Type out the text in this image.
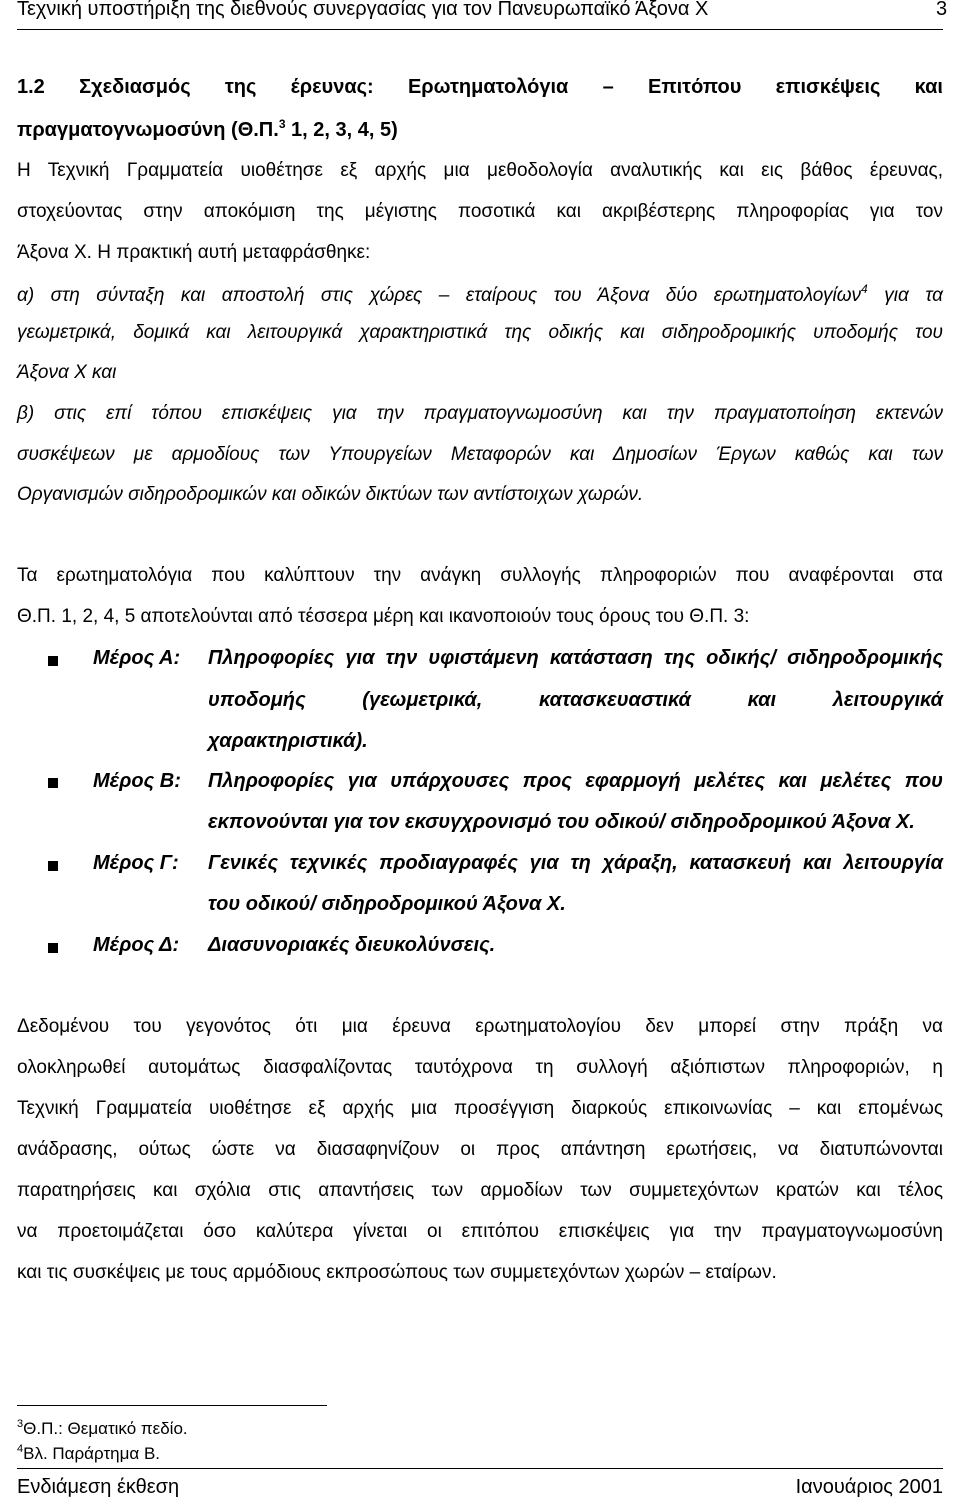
Τεχνική υποστήριξη της διεθνούς συνεργασίας για τον Πανευρωπαϊκό Άξονα Χ	3
1.2 Σχεδιασμός της έρευνας: Ερωτηματολόγια – Επιτόπου επισκέψεις και
πραγματογνωμοσύνη (Θ.Π.$^3$ 1, 2, 3, 4, 5)
Η Τεχνική Γραμματεία υιοθέτησε εξ αρχής μια μεθοδολογία αναλυτικής και εις βάθος έρευνας,
στοχεύοντας στην αποκόμιση της μέγιστης ποσοτικά και ακριβέστερης πληροφορίας για τον
Άξονα Χ. Η πρακτική αυτή μεταφράσθηκε:
α) στη σύνταξη και αποστολή στις χώρες – εταίρους του Άξονα δύο ερωτηματολογίων$^4$ για τα
γεωμετρικά, δομικά και λειτουργικά χαρακτηριστικά της οδικής και σιδηροδρομικής υποδομής του
Άξονα Χ και
β) στις επί τόπου επισκέψεις για την πραγματογνωμοσύνη και την πραγματοποίηση εκτενών
συσκέψεων με αρμοδίους των Υπουργείων Μεταφορών και Δημοσίων Έργων καθώς και των
Οργανισμών σιδηροδρομικών και οδικών δικτύων των αντίστοιχων χωρών.
Τα ερωτηματολόγια που καλύπτουν την ανάγκη συλλογής πληροφοριών που αναφέρονται στα
Θ.Π. 1, 2, 4, 5 αποτελούνται από τέσσερα μέρη και ικανοποιούν τους όρους του Θ.Π. 3:
Μέρος Α: Πληροφορίες για την υφιστάμενη κατάσταση της οδικής/ σιδηροδρομικής
υποδομής (γεωμετρικά, κατασκευαστικά και λειτουργικά
χαρακτηριστικά).
Μέρος Β: Πληροφορίες για υπάρχουσες προς εφαρμογή μελέτες και μελέτες που
εκπονούνται για τον εκσυγχρονισμό του οδικού/ σιδηροδρομικού Άξονα Χ.
Μέρος Γ: Γενικές τεχνικές προδιαγραφές για τη χάραξη, κατασκευή και λειτουργία
του οδικού/ σιδηροδρομικού Άξονα Χ.
Μέρος Δ: Διασυνοριακές διευκολύνσεις.
Δεδομένου του γεγονότος ότι μια έρευνα ερωτηματολογίου δεν μπορεί στην πράξη να
ολοκληρωθεί αυτομάτως διασφαλίζοντας ταυτόχρονα τη συλλογή αξιόπιστων πληροφοριών, η
Τεχνική Γραμματεία υιοθέτησε εξ αρχής μια προσέγγιση διαρκούς επικοινωνίας – και επομένως
ανάδρασης, ούτως ώστε να διασαφηνίζουν οι προς απάντηση ερωτήσεις, να διατυπώνονται
παρατηρήσεις και σχόλια στις απαντήσεις των αρμοδίων των συμμετεχόντων κρατών και τέλος
να προετοιμάζεται όσο καλύτερα γίνεται οι επιτόπου επισκέψεις για την πραγματογνωμοσύνη
και τις συσκέψεις με τους αρμόδιους εκπροσώπους των συμμετεχόντων χωρών – εταίρων.
$^3$Θ.Π.: Θεματικό πεδίο.
$^4$Βλ. Παράρτημα Β.
Ενδιάμεση έκθεση	Ιανουάριος 2001
